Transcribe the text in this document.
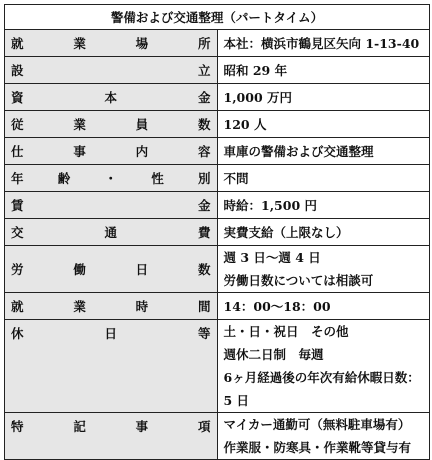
警備および交通整理（パートタイム）	

就業場所	本社：横浜市鶴見区矢向 1-13-40

設　　　立	昭和 29 年

資　本　金	1,000 万円

従業員数	120 人

仕事内容	車庫の警備および交通整理

年齢・性別	不問

賃　　　金	時給：1,500 円

交　通　費	実費支給（上限なし）

労働日数	週 3 日～週 4 日
労働日数については相談可

就業時間	14：00～18：00

休　日　等	土・日・祝日　その他
週休二日制　毎週
6ヶ月経過後の年次有給休暇日数：5 日

特記事項	マイカー通勤可（無料駐車場有）
作業服・防寒具・作業靴等貸与有
